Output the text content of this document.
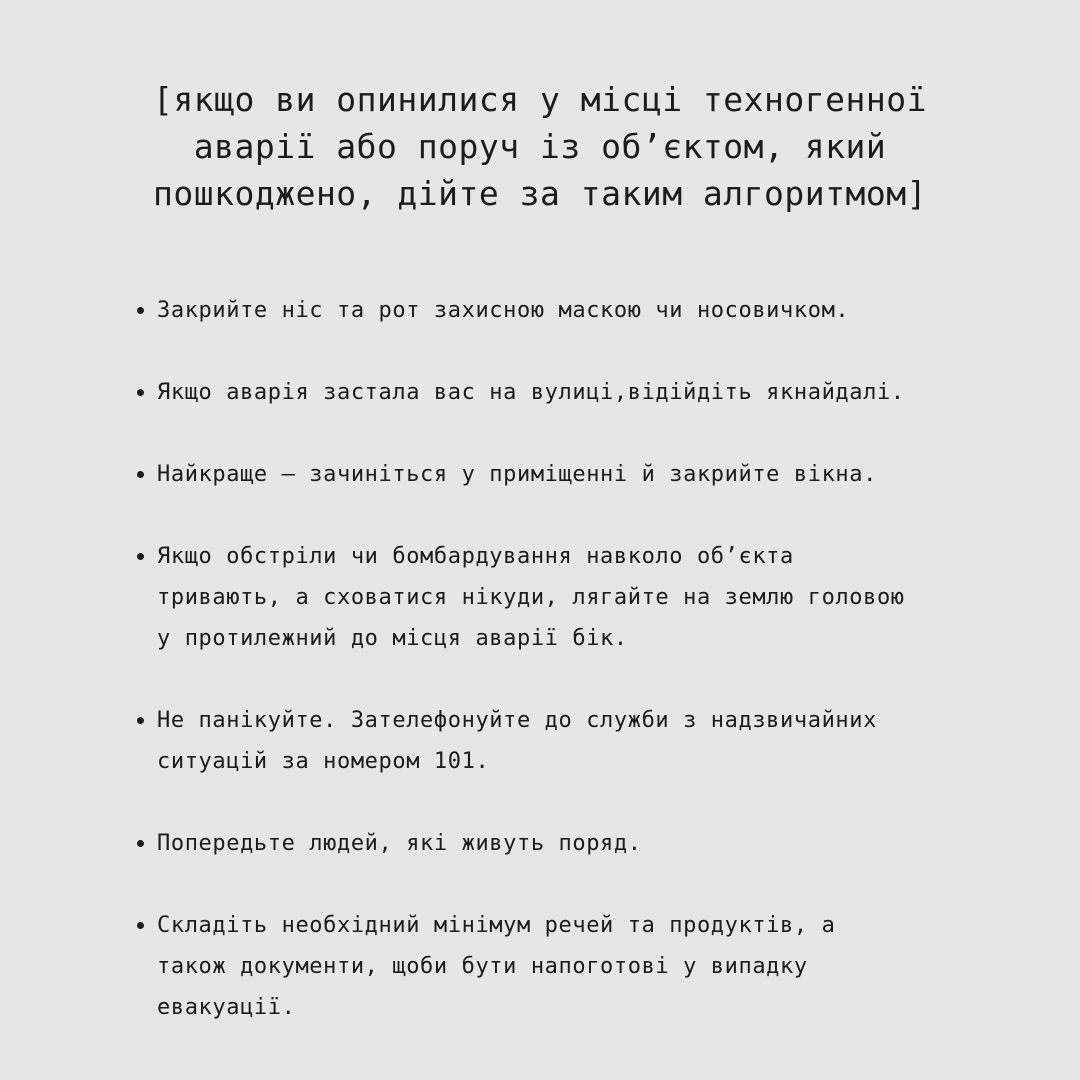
[якщо ви опинилися у місці техногенної
аварії або поруч із об’єктом, який
пошкоджено, дійте за таким алгоритмом]
Закрийте ніс та рот захисною маскою чи носовичком.
Якщо аварія застала вас на вулиці,відійдіть якнайдалі.
Найкраще – зачиніться у приміщенні й закрийте вікна.
Якщо обстріли чи бомбардування навколо об’єкта
тривають, а сховатися нікуди, лягайте на землю головою
у протилежний до місця аварії бік.
Не панікуйте. Зателефонуйте до служби з надзвичайних
ситуацій за номером 101.
Попередьте людей, які живуть поряд.
Складіть необхідний мінімум речей та продуктів, а
також документи, щоби бути напоготові у випадку
евакуації.
